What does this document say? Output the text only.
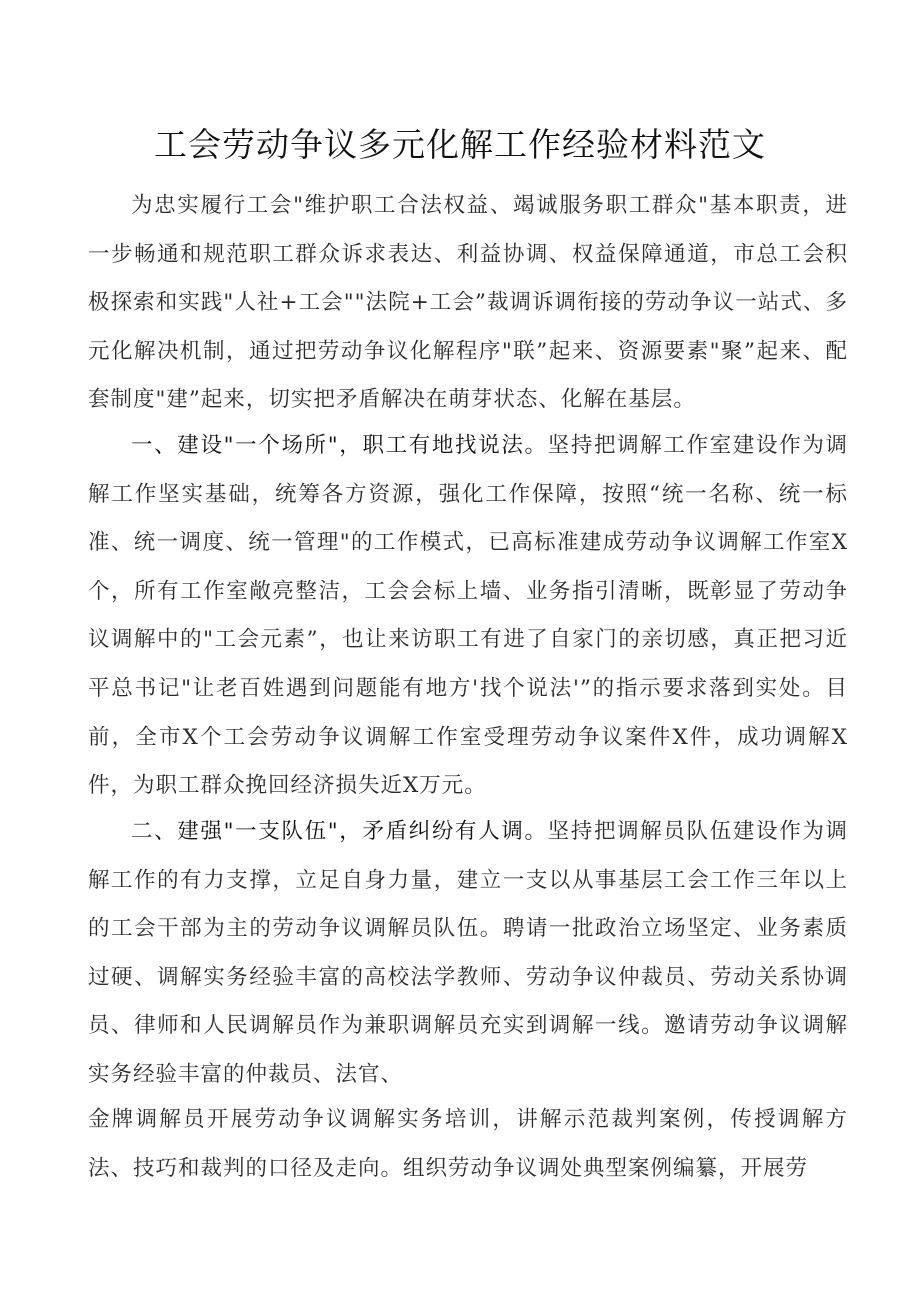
工会劳动争议多元化解工作经验材料范文

为忠实履行工会"维护职工合法权益、竭诚服务职工群众"基本职责，进一步畅通和规范职工群众诉求表达、利益协调、权益保障通道，市总工会积极探索和实践"人社+工会""法院+工会”裁调诉调衔接的劳动争议一站式、多元化解决机制，通过把劳动争议化解程序"联”起来、资源要素"聚”起来、配套制度"建”起来，切实把矛盾解决在萌芽状态、化解在基层。

一、建设"一个场所"，职工有地找说法。坚持把调解工作室建设作为调解工作坚实基础，统筹各方资源，强化工作保障，按照“统一名称、统一标准、统一调度、统一管理"的工作模式，已高标准建成劳动争议调解工作室X个，所有工作室敞亮整洁，工会会标上墙、业务指引清晰，既彰显了劳动争议调解中的"工会元素”，也让来访职工有进了自家门的亲切感，真正把习近平总书记"让老百姓遇到问题能有地方'找个说法'”的指示要求落到实处。目前，全市X个工会劳动争议调解工作室受理劳动争议案件X件，成功调解X件，为职工群众挽回经济损失近X万元。

二、建强"一支队伍"，矛盾纠纷有人调。坚持把调解员队伍建设作为调解工作的有力支撑，立足自身力量，建立一支以从事基层工会工作三年以上的工会干部为主的劳动争议调解员队伍。聘请一批政治立场坚定、业务素质过硬、调解实务经验丰富的高校法学教师、劳动争议仲裁员、劳动关系协调员、律师和人民调解员作为兼职调解员充实到调解一线。邀请劳动争议调解实务经验丰富的仲裁员、法官、

金牌调解员开展劳动争议调解实务培训，讲解示范裁判案例，传授调解方法、技巧和裁判的口径及走向。组织劳动争议调处典型案例编纂，开展劳
